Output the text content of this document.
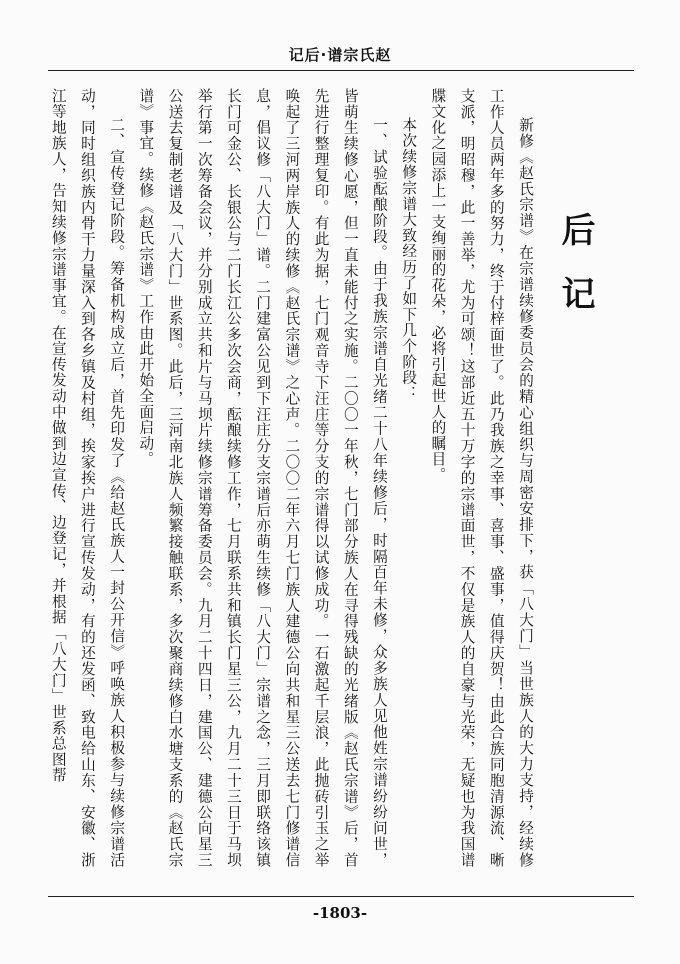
记后·谱宗氏赵
后记

新修《赵氏宗谱》在宗谱续修委员会的精心组织与周密安排下，获「八大门」当世族人的大力支持，经续修工作人员两年多的努力，终于付梓面世了。此乃我族之幸事、喜事、盛事，值得庆贺！由此合族同胞清源流、晰支派，明昭穆，此一善举，尤为可颂！这部近五十万字的宗谱面世，不仅是族人的自豪与光荣，无疑也为我国谱牒文化之园添上一支绚丽的花朵，必将引起世人的瞩目。

本次续修宗谱大致经历了如下几个阶段：

一、试验酝酿阶段。由于我族宗谱自光绪二十八年续修后，时隔百年未修，众多族人见他姓宗谱纷纷问世，皆萌生续修心愿，但一直未能付之实施。二〇〇一年秋，七门部分族人在寻得残缺的光绪版《赵氏宗谱》后，首先进行整理复印。有此为据，七门观音寺下汪庄等分支的宗谱得以试修成功。一石激起千层浪，此抛砖引玉之举唤起了三河两岸族人的续修《赵氏宗谱》之心声。二〇〇二年六月七门族人建德公向共和星三公送去七门修谱信息，倡议修「八大门」谱。二门建富公见到下汪庄分支宗谱后亦萌生续修「八大门」宗谱之念，三月即联络该镇长门可金公、长银公与二门长江公多次会商，酝酿续修工作，七月联系共和镇长门星三公，九月二十三日于马坝举行第一次筹备会议，并分别成立共和片与马坝片续修宗谱筹备委员会。九月二十四日，建国公、建德公向星三公送去复制老谱及「八大门」世系图。此后，三河南北族人频繁接触联系，多次聚商续修白水塘支系的《赵氏宗谱》事宜。续修《赵氏宗谱》工作由此开始全面启动。

二、宣传登记阶段。筹备机构成立后，首先印发了《给赵氏族人一封公开信》呼唤族人积极参与续修宗谱活动，同时组织族内骨干力量深入到各乡镇及村组，挨家挨户进行宣传发动，有的还发函、致电给山东、安徽、浙江等地族人，告知续修宗谱事宜。在宣传发动中做到边宣传、边登记，并根据「八大门」世系总图帮

-1803-
